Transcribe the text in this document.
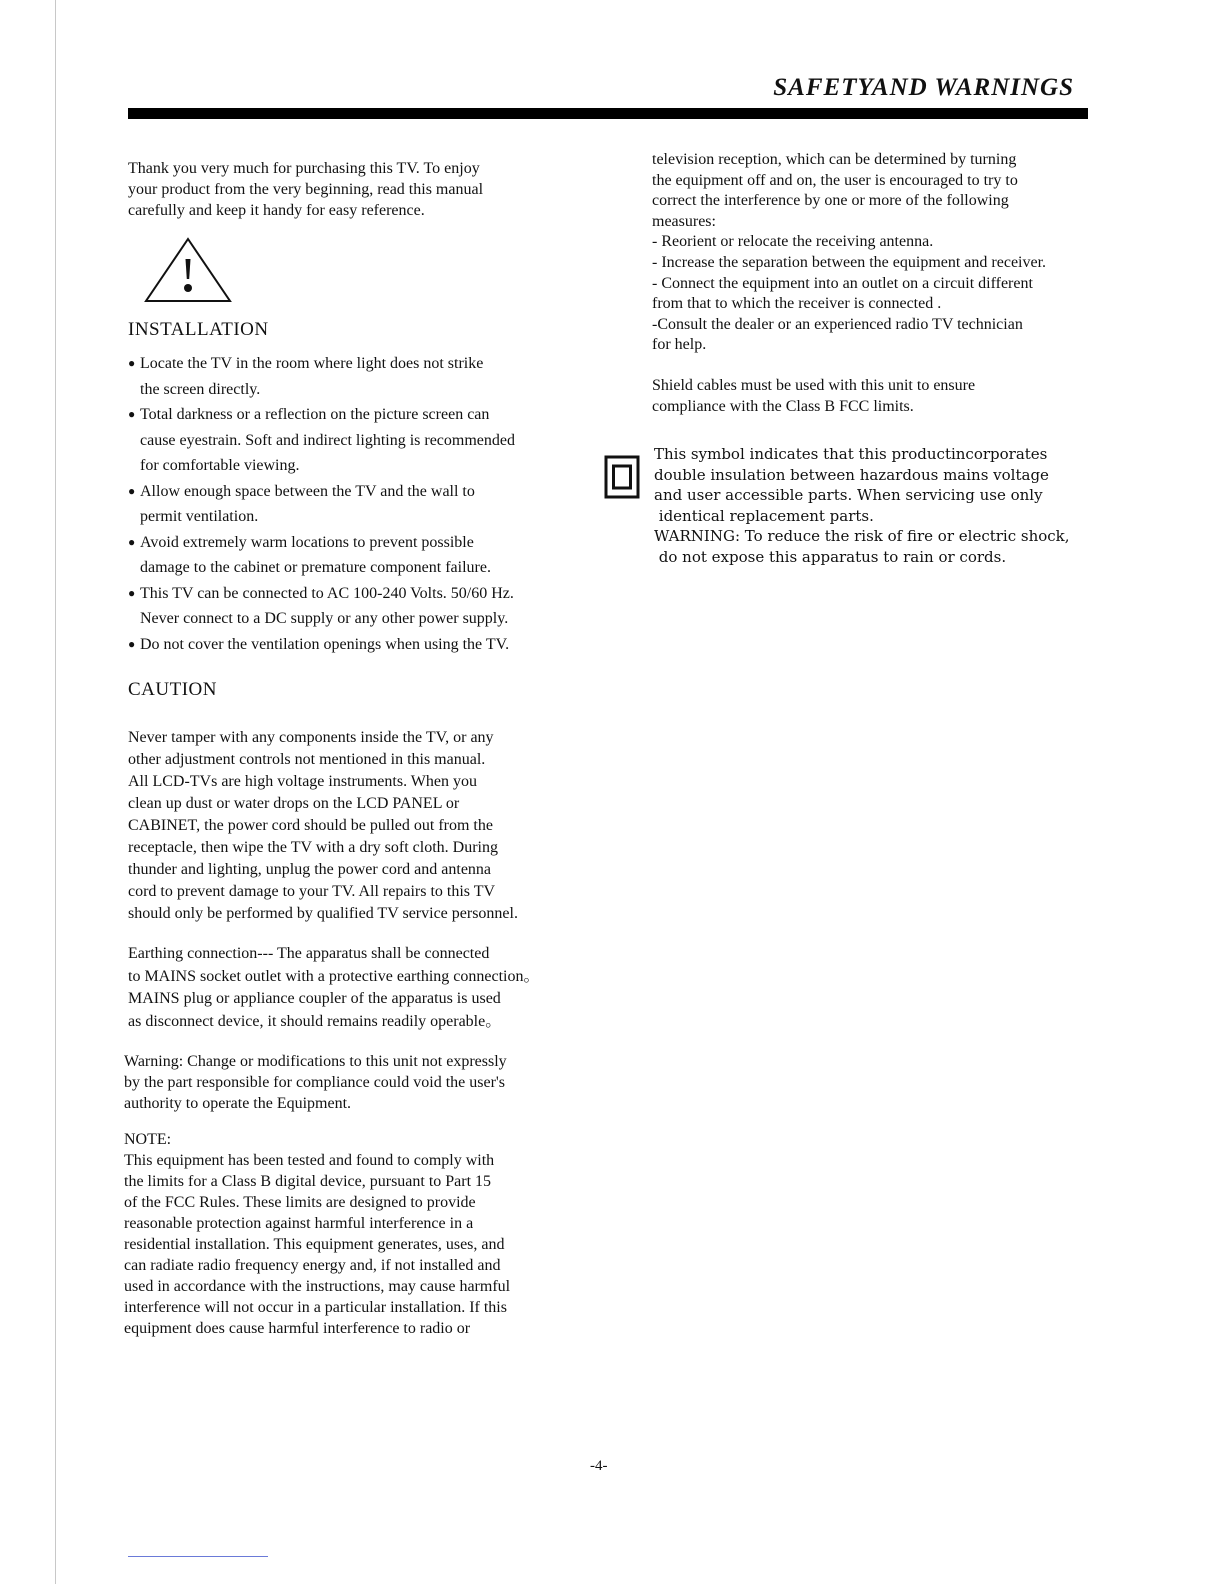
SAFETYAND WARNINGS
Thank you very much for purchasing this TV. To enjoy
your product from the very beginning, read this manual
carefully and keep it handy for easy reference.
INSTALLATION
● Locate the TV in the room where light does not strike
the screen directly.
● Total darkness or a reflection on the picture screen can
cause eyestrain. Soft and indirect lighting is recommended
for comfortable viewing.
● Allow enough space between the TV and the wall to
permit ventilation.
● Avoid extremely warm locations to prevent possible
damage to the cabinet or premature component failure.
● This TV can be connected to AC 100-240 Volts. 50/60 Hz.
Never connect to a DC supply or any other power supply.
● Do not cover the ventilation openings when using the TV.
CAUTION
Never tamper with any components inside the TV, or any
other adjustment controls not mentioned in this manual.
All LCD-TVs are high voltage instruments. When you
clean up dust or water drops on the LCD PANEL or
CABINET, the power cord should be pulled out from the
receptacle, then wipe the TV with a dry soft cloth. During
thunder and lighting, unplug the power cord and antenna
cord to prevent damage to your TV. All repairs to this TV
should only be performed by qualified TV service personnel.
Earthing connection--- The apparatus shall be connected
to MAINS socket outlet with a protective earthing connection。
MAINS plug or appliance coupler of the apparatus is used
as disconnect device, it should remains readily operable。
Warning: Change or modifications to this unit not expressly
by the part responsible for compliance could void the user's
authority to operate the Equipment.
NOTE:
This equipment has been tested and found to comply with
the limits for a Class B digital device, pursuant to Part 15
of the FCC Rules. These limits are designed to provide
reasonable protection against harmful interference in a
residential installation. This equipment generates, uses, and
can radiate radio frequency energy and, if not installed and
used in accordance with the instructions, may cause harmful
interference will not occur in a particular installation. If this
equipment does cause harmful interference to radio or
television reception, which can be determined by turning
the equipment off and on, the user is encouraged to try to
correct the interference by one or more of the following
measures:
- Reorient or relocate the receiving antenna.
- Increase the separation between the equipment and receiver.
- Connect the equipment into an outlet on a circuit different
from that to which the receiver is connected .
-Consult the dealer or an experienced radio TV technician
for help.
Shield cables must be used with this unit to ensure
compliance with the Class B FCC limits.
This symbol indicates that this productincorporates
double insulation between hazardous mains voltage
and user accessible parts. When servicing use only
identical replacement parts.
WARNING: To reduce the risk of fire or electric shock,
do not expose this apparatus to rain or cords.
-4-
